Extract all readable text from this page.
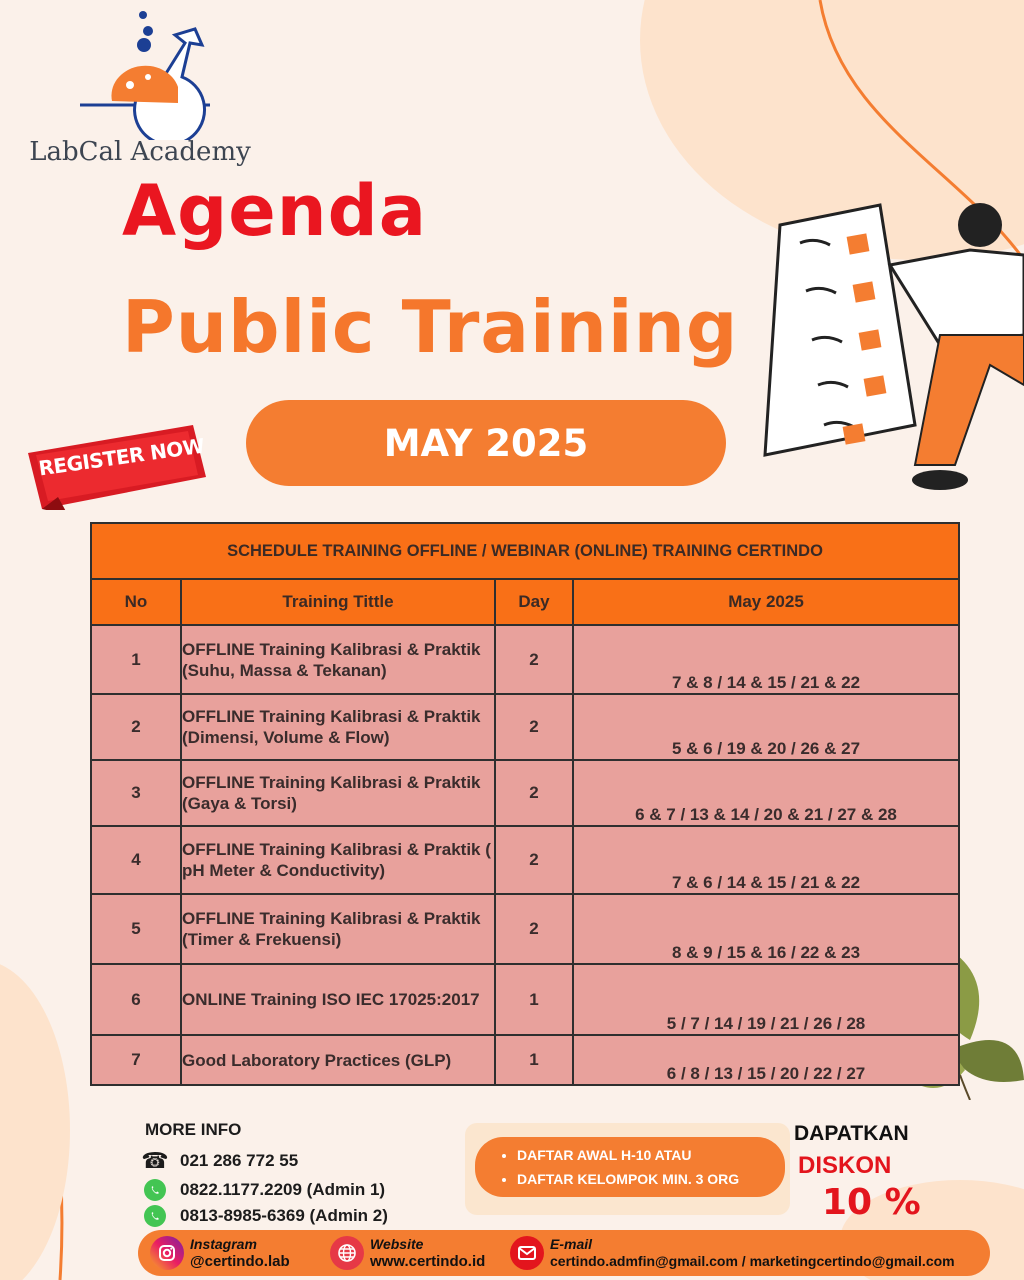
LabCal Academy
Agenda
Public Training
REGISTER NOW	MAY 2025
SCHEDULE TRAINING OFFLINE / WEBINAR (ONLINE) TRAINING CERTINDO			
No	Training Tittle	Day	May 2025
1	OFFLINE Training Kalibrasi & Praktik (Suhu, Massa & Tekanan)	2	7 & 8 / 14 & 15 / 21 & 22
2	OFFLINE Training Kalibrasi & Praktik (Dimensi, Volume & Flow)	2	5 & 6 / 19 & 20 / 26 & 27
3	OFFLINE Training Kalibrasi & Praktik (Gaya & Torsi)	2	6 & 7 / 13 & 14 / 20 & 21 / 27 & 28
4	OFFLINE Training Kalibrasi & Praktik ( pH Meter & Conductivity)	2	7 & 6 / 14 & 15 / 21 & 22
5	OFFLINE Training Kalibrasi & Praktik (Timer & Frekuensi)	2	8 & 9 / 15 & 16 / 22 & 23
6	ONLINE Training ISO IEC 17025:2017	1	5 / 7 / 14 / 19 / 21 / 26 / 28
7	Good Laboratory Practices (GLP)	1	6 / 8 / 13 / 15 / 20 / 22 / 27
MORE INFO
☎ 021 286 772 55
0822.1177.2209 (Admin 1)
0813-8985-6369 (Admin 2)
• DAFTAR AWAL H-10 ATAU
• DAFTAR KELOMPOK MIN. 3 ORG
DAPATKAN
DISKON
10 %
Instagram
@certindo.lab
Website
www.certindo.id
E-mail
certindo.admfin@gmail.com / marketingcertindo@gmail.com
